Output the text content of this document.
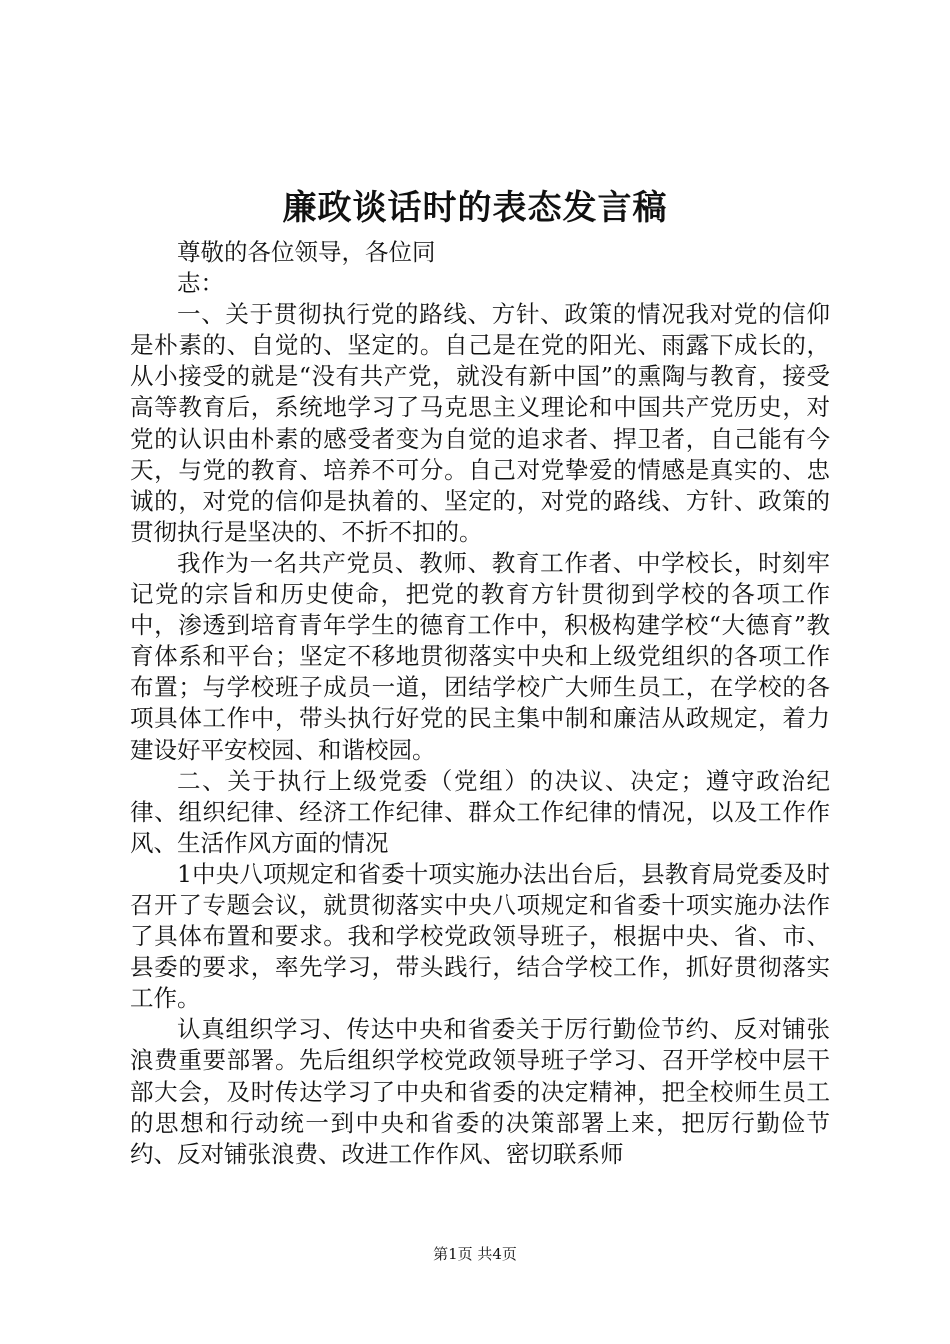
廉政谈话时的表态发言稿
尊敬的各位领导，各位同志：

一、关于贯彻执行党的路线、方针、政策的情况我对党的信仰是朴素的、自觉的、坚定的。自己是在党的阳光、雨露下成长的，从小接受的就是“没有共产党，就没有新中国”的熏陶与教育，接受高等教育后，系统地学习了马克思主义理论和中国共产党历史，对党的认识由朴素的感受者变为自觉的追求者、捍卫者，自己能有今天，与党的教育、培养不可分。自己对党挚爱的情感是真实的、忠诚的，对党的信仰是执着的、坚定的，对党的路线、方针、政策的贯彻执行是坚决的、不折不扣的。

我作为一名共产党员、教师、教育工作者、中学校长，时刻牢记党的宗旨和历史使命，把党的教育方针贯彻到学校的各项工作中，渗透到培育青年学生的德育工作中，积极构建学校“大德育”教育体系和平台；坚定不移地贯彻落实中央和上级党组织的各项工作布置；与学校班子成员一道，团结学校广大师生员工，在学校的各项具体工作中，带头执行好党的民主集中制和廉洁从政规定，着力建设好平安校园、和谐校园。

二、关于执行上级党委（党组）的决议、决定；遵守政治纪律、组织纪律、经济工作纪律、群众工作纪律的情况，以及工作作风、生活作风方面的情况

1中央八项规定和省委十项实施办法出台后，县教育局党委及时召开了专题会议，就贯彻落实中央八项规定和省委十项实施办法作了具体布置和要求。我和学校党政领导班子，根据中央、省、市、县委的要求，率先学习，带头践行，结合学校工作，抓好贯彻落实工作。

认真组织学习、传达中央和省委关于厉行勤俭节约、反对铺张浪费重要部署。先后组织学校党政领导班子学习、召开学校中层干部大会，及时传达学习了中央和省委的决定精神，把全校师生员工的思想和行动统一到中央和省委的决策部署上来，把厉行勤俭节约、反对铺张浪费、改进工作作风、密切联系师

第1页 共4页
